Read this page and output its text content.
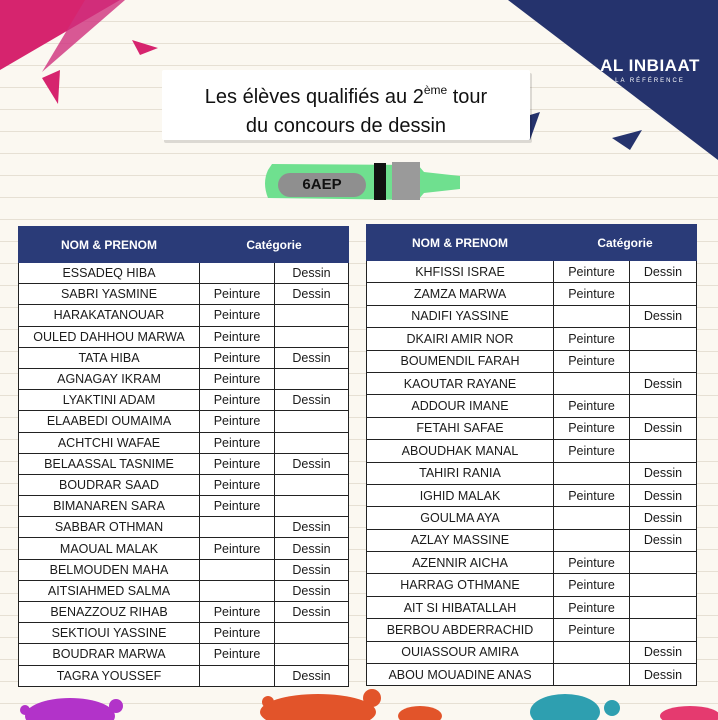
AL INBIAAT
LA RÉFÉRENCE
Les élèves qualifiés au 2ème tour
du concours de dessin
6AEP
NOM & PRENOM	Catégorie	
ESSADEQ HIBA		Dessin
SABRI YASMINE	Peinture	Dessin
HARAKATANOUAR	Peinture	
OULED DAHHOU MARWA	Peinture	
TATA HIBA	Peinture	Dessin
AGNAGAY IKRAM	Peinture	
LYAKTINI ADAM	Peinture	Dessin
ELAABEDI OUMAIMA	Peinture	
ACHTCHI WAFAE	Peinture	
BELAASSAL TASNIME	Peinture	Dessin
BOUDRAR SAAD	Peinture	
BIMANAREN SARA	Peinture	
SABBAR OTHMAN		Dessin
MAOUAL MALAK	Peinture	Dessin
BELMOUDEN MAHA		Dessin
AITSIAHMED SALMA		Dessin
BENAZZOUZ RIHAB	Peinture	Dessin
SEKTIOUI YASSINE	Peinture	
BOUDRAR MARWA	Peinture	
TAGRA YOUSSEF		Dessin
NOM & PRENOM	Catégorie	
KHFISSI ISRAE	Peinture	Dessin
ZAMZA MARWA	Peinture	
NADIFI YASSINE		Dessin
DKAIRI AMIR NOR	Peinture	
BOUMENDIL FARAH	Peinture	
KAOUTAR RAYANE		Dessin
ADDOUR IMANE	Peinture	
FETAHI SAFAE	Peinture	Dessin
ABOUDHAK MANAL	Peinture	
TAHIRI RANIA		Dessin
IGHID MALAK	Peinture	Dessin
GOULMA AYA		Dessin
AZLAY MASSINE		Dessin
AZENNIR AICHA	Peinture	
HARRAG OTHMANE	Peinture	
AIT SI HIBATALLAH	Peinture	
BERBOU ABDERRACHID	Peinture	
OUIASSOUR AMIRA		Dessin
ABOU MOUADINE ANAS		Dessin
